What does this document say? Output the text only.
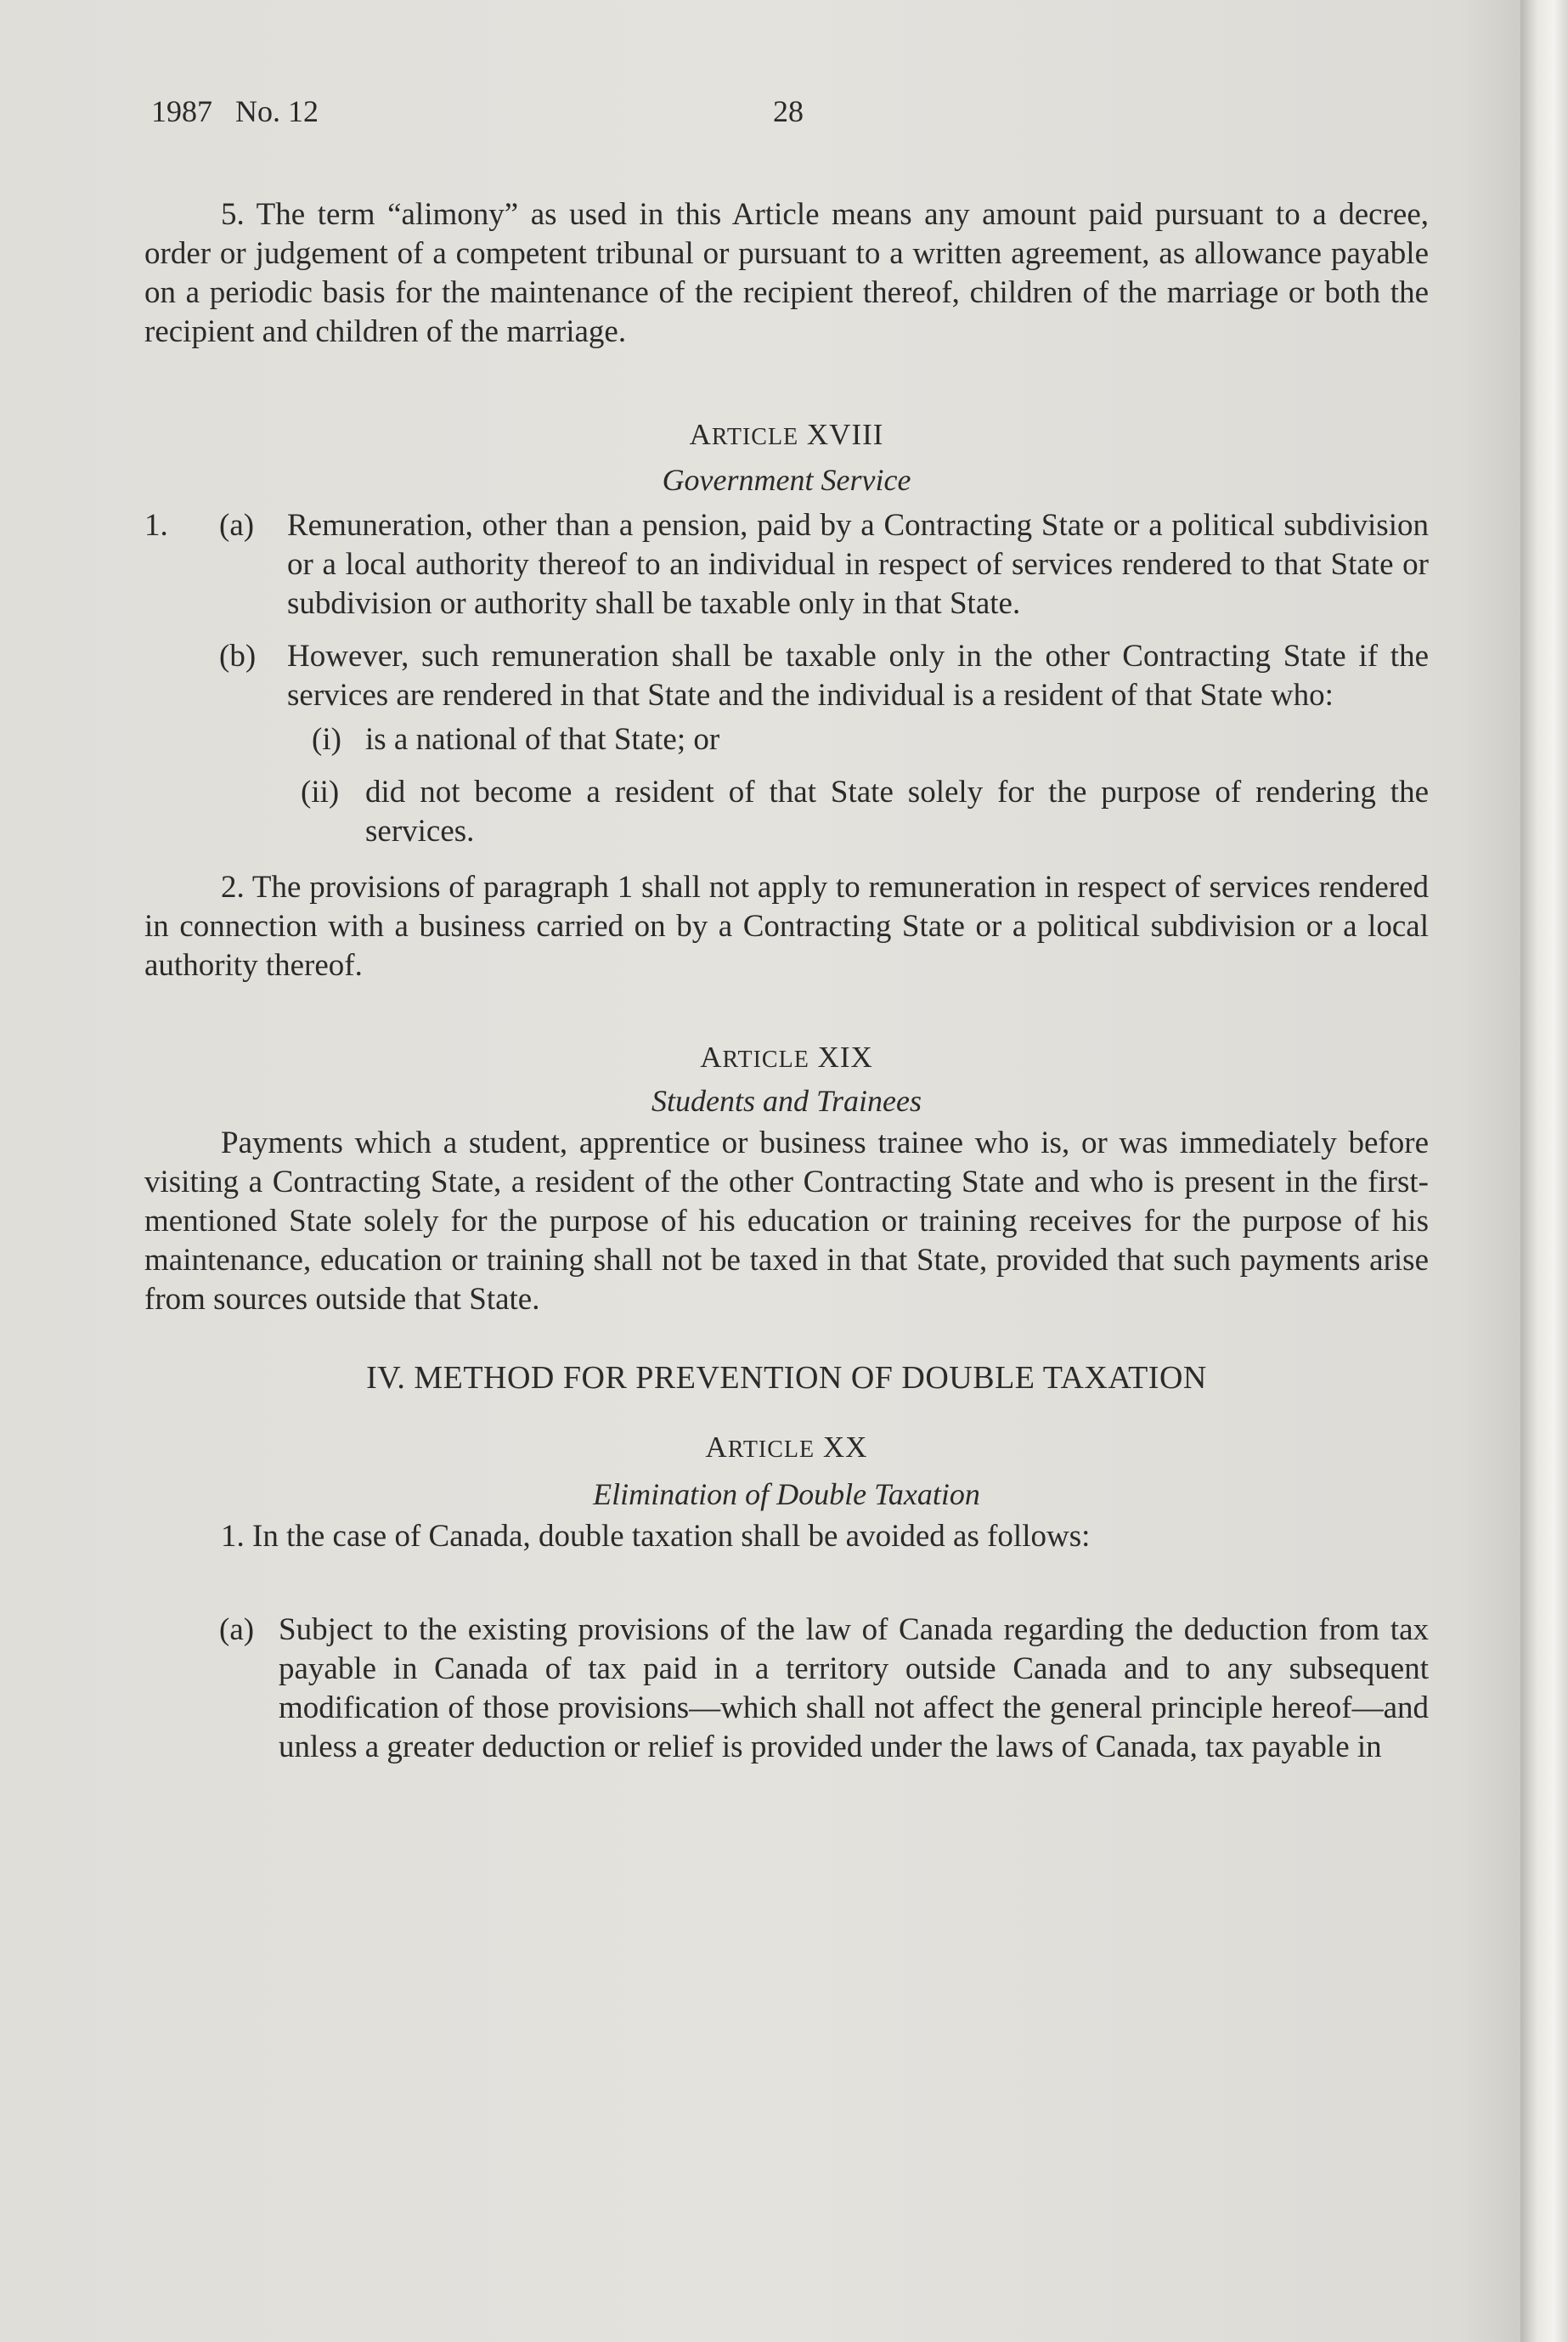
1987   No. 12	28

5. The term “alimony” as used in this Article means any amount paid pursuant to a decree, order or judgement of a competent tribunal or pursuant to a written agreement, as allowance payable on a periodic basis for the maintenance of the recipient thereof, children of the marriage or both the recipient and children of the marriage.

ARTICLE XVIII
Government Service
1. (a) Remuneration, other than a pension, paid by a Contracting State or a political subdivision or a local authority thereof to an individual in respect of services rendered to that State or subdivision or authority shall be taxable only in that State.

(b) However, such remuneration shall be taxable only in the other Contracting State if the services are rendered in that State and the individual is a resident of that State who:

(i) is a national of that State; or

(ii) did not become a resident of that State solely for the purpose of rendering the services.

2. The provisions of paragraph 1 shall not apply to remuneration in respect of services rendered in connection with a business carried on by a Contracting State or a political subdivision or a local authority thereof.

ARTICLE XIX
Students and Trainees

Payments which a student, apprentice or business trainee who is, or was immediately before visiting a Contracting State, a resident of the other Contracting State and who is present in the first-mentioned State solely for the purpose of his education or training receives for the purpose of his maintenance, education or training shall not be taxed in that State, provided that such payments arise from sources outside that State.

IV. METHOD FOR PREVENTION OF DOUBLE TAXATION
ARTICLE XX
Elimination of Double Taxation

1. In the case of Canada, double taxation shall be avoided as follows:

(a) Subject to the existing provisions of the law of Canada regarding the deduction from tax payable in Canada of tax paid in a territory outside Canada and to any subsequent modification of those provisions—which shall not affect the general principle hereof—and unless a greater deduction or relief is provided under the laws of Canada, tax payable in
